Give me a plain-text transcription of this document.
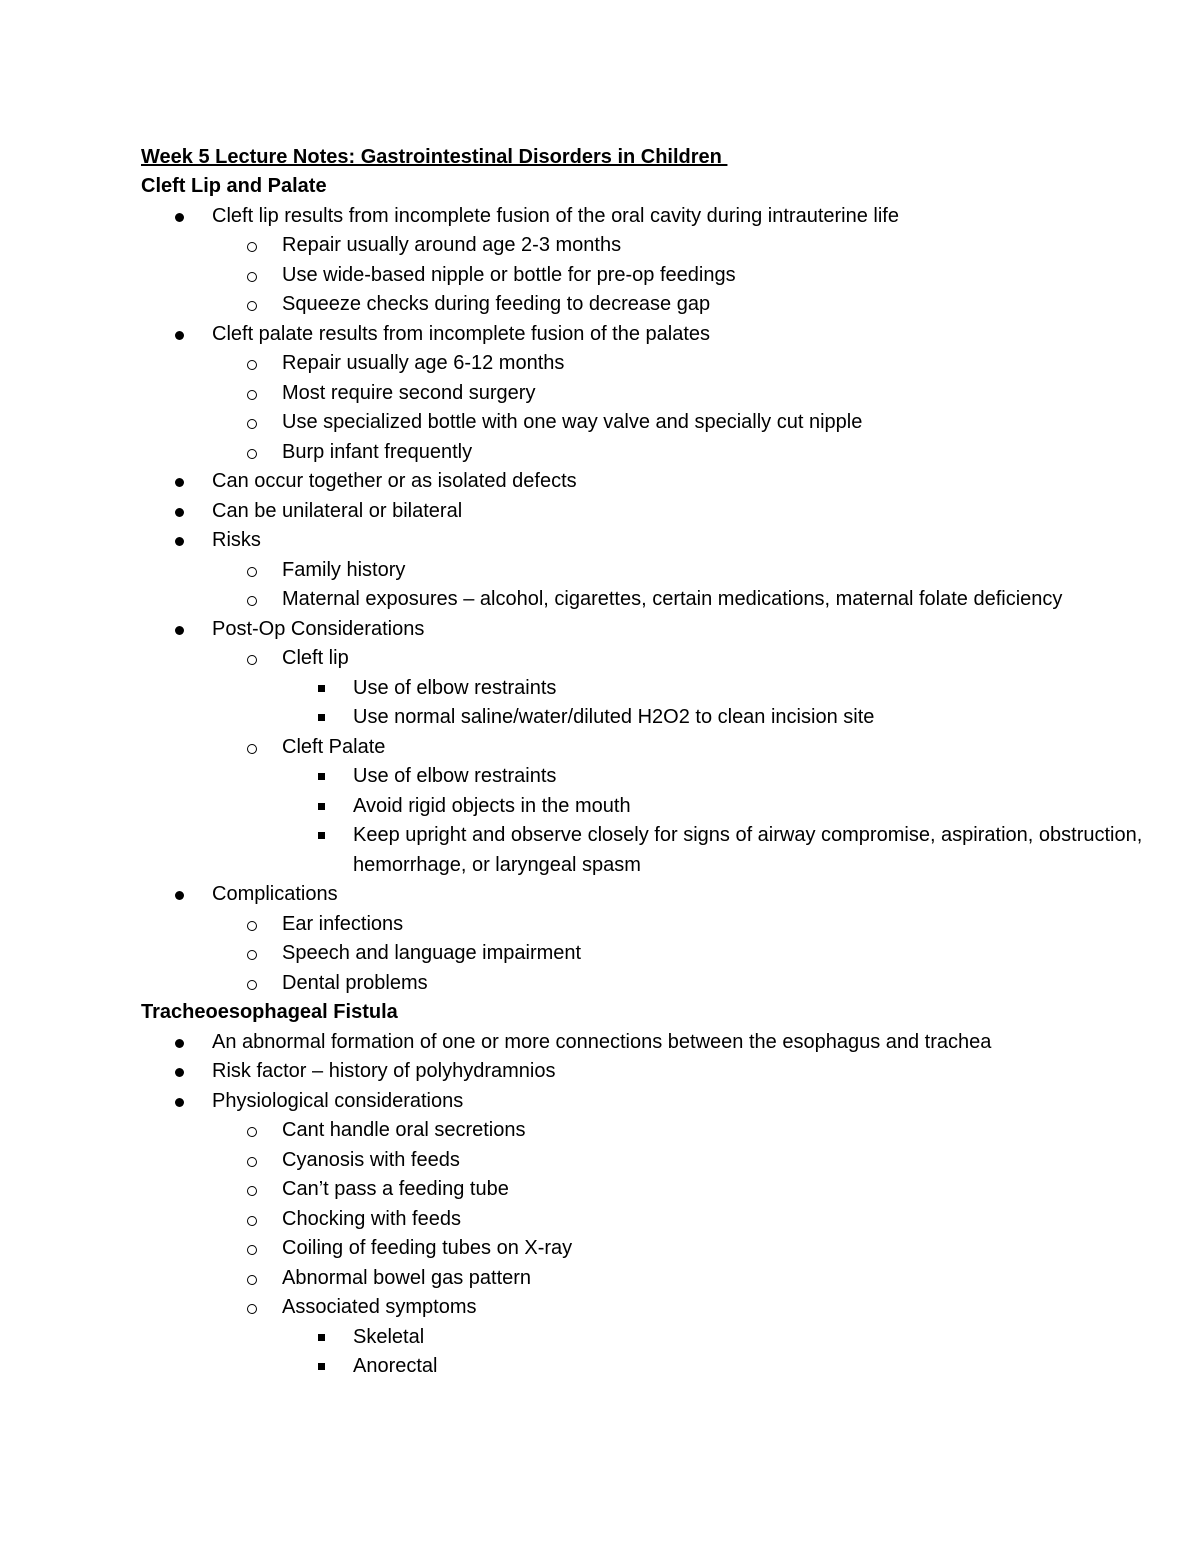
Week 5 Lecture Notes: Gastrointestinal Disorders in Children
Cleft Lip and Palate
Cleft lip results from incomplete fusion of the oral cavity during intrauterine life
Repair usually around age 2-3 months
Use wide-based nipple or bottle for pre-op feedings
Squeeze checks during feeding to decrease gap
Cleft palate results from incomplete fusion of the palates
Repair usually age 6-12 months
Most require second surgery
Use specialized bottle with one way valve and specially cut nipple
Burp infant frequently
Can occur together or as isolated defects
Can be unilateral or bilateral
Risks
Family history
Maternal exposures – alcohol, cigarettes, certain medications, maternal folate deficiency
Post-Op Considerations
Cleft lip
Use of elbow restraints
Use normal saline/water/diluted H2O2 to clean incision site
Cleft Palate
Use of elbow restraints
Avoid rigid objects in the mouth
Keep upright and observe closely for signs of airway compromise, aspiration, obstruction, hemorrhage, or laryngeal spasm
Complications
Ear infections
Speech and language impairment
Dental problems
Tracheoesophageal Fistula
An abnormal formation of one or more connections between the esophagus and trachea
Risk factor – history of polyhydramnios
Physiological considerations
Cant handle oral secretions
Cyanosis with feeds
Can’t pass a feeding tube
Chocking with feeds
Coiling of feeding tubes on X-ray
Abnormal bowel gas pattern
Associated symptoms
Skeletal
Anorectal
